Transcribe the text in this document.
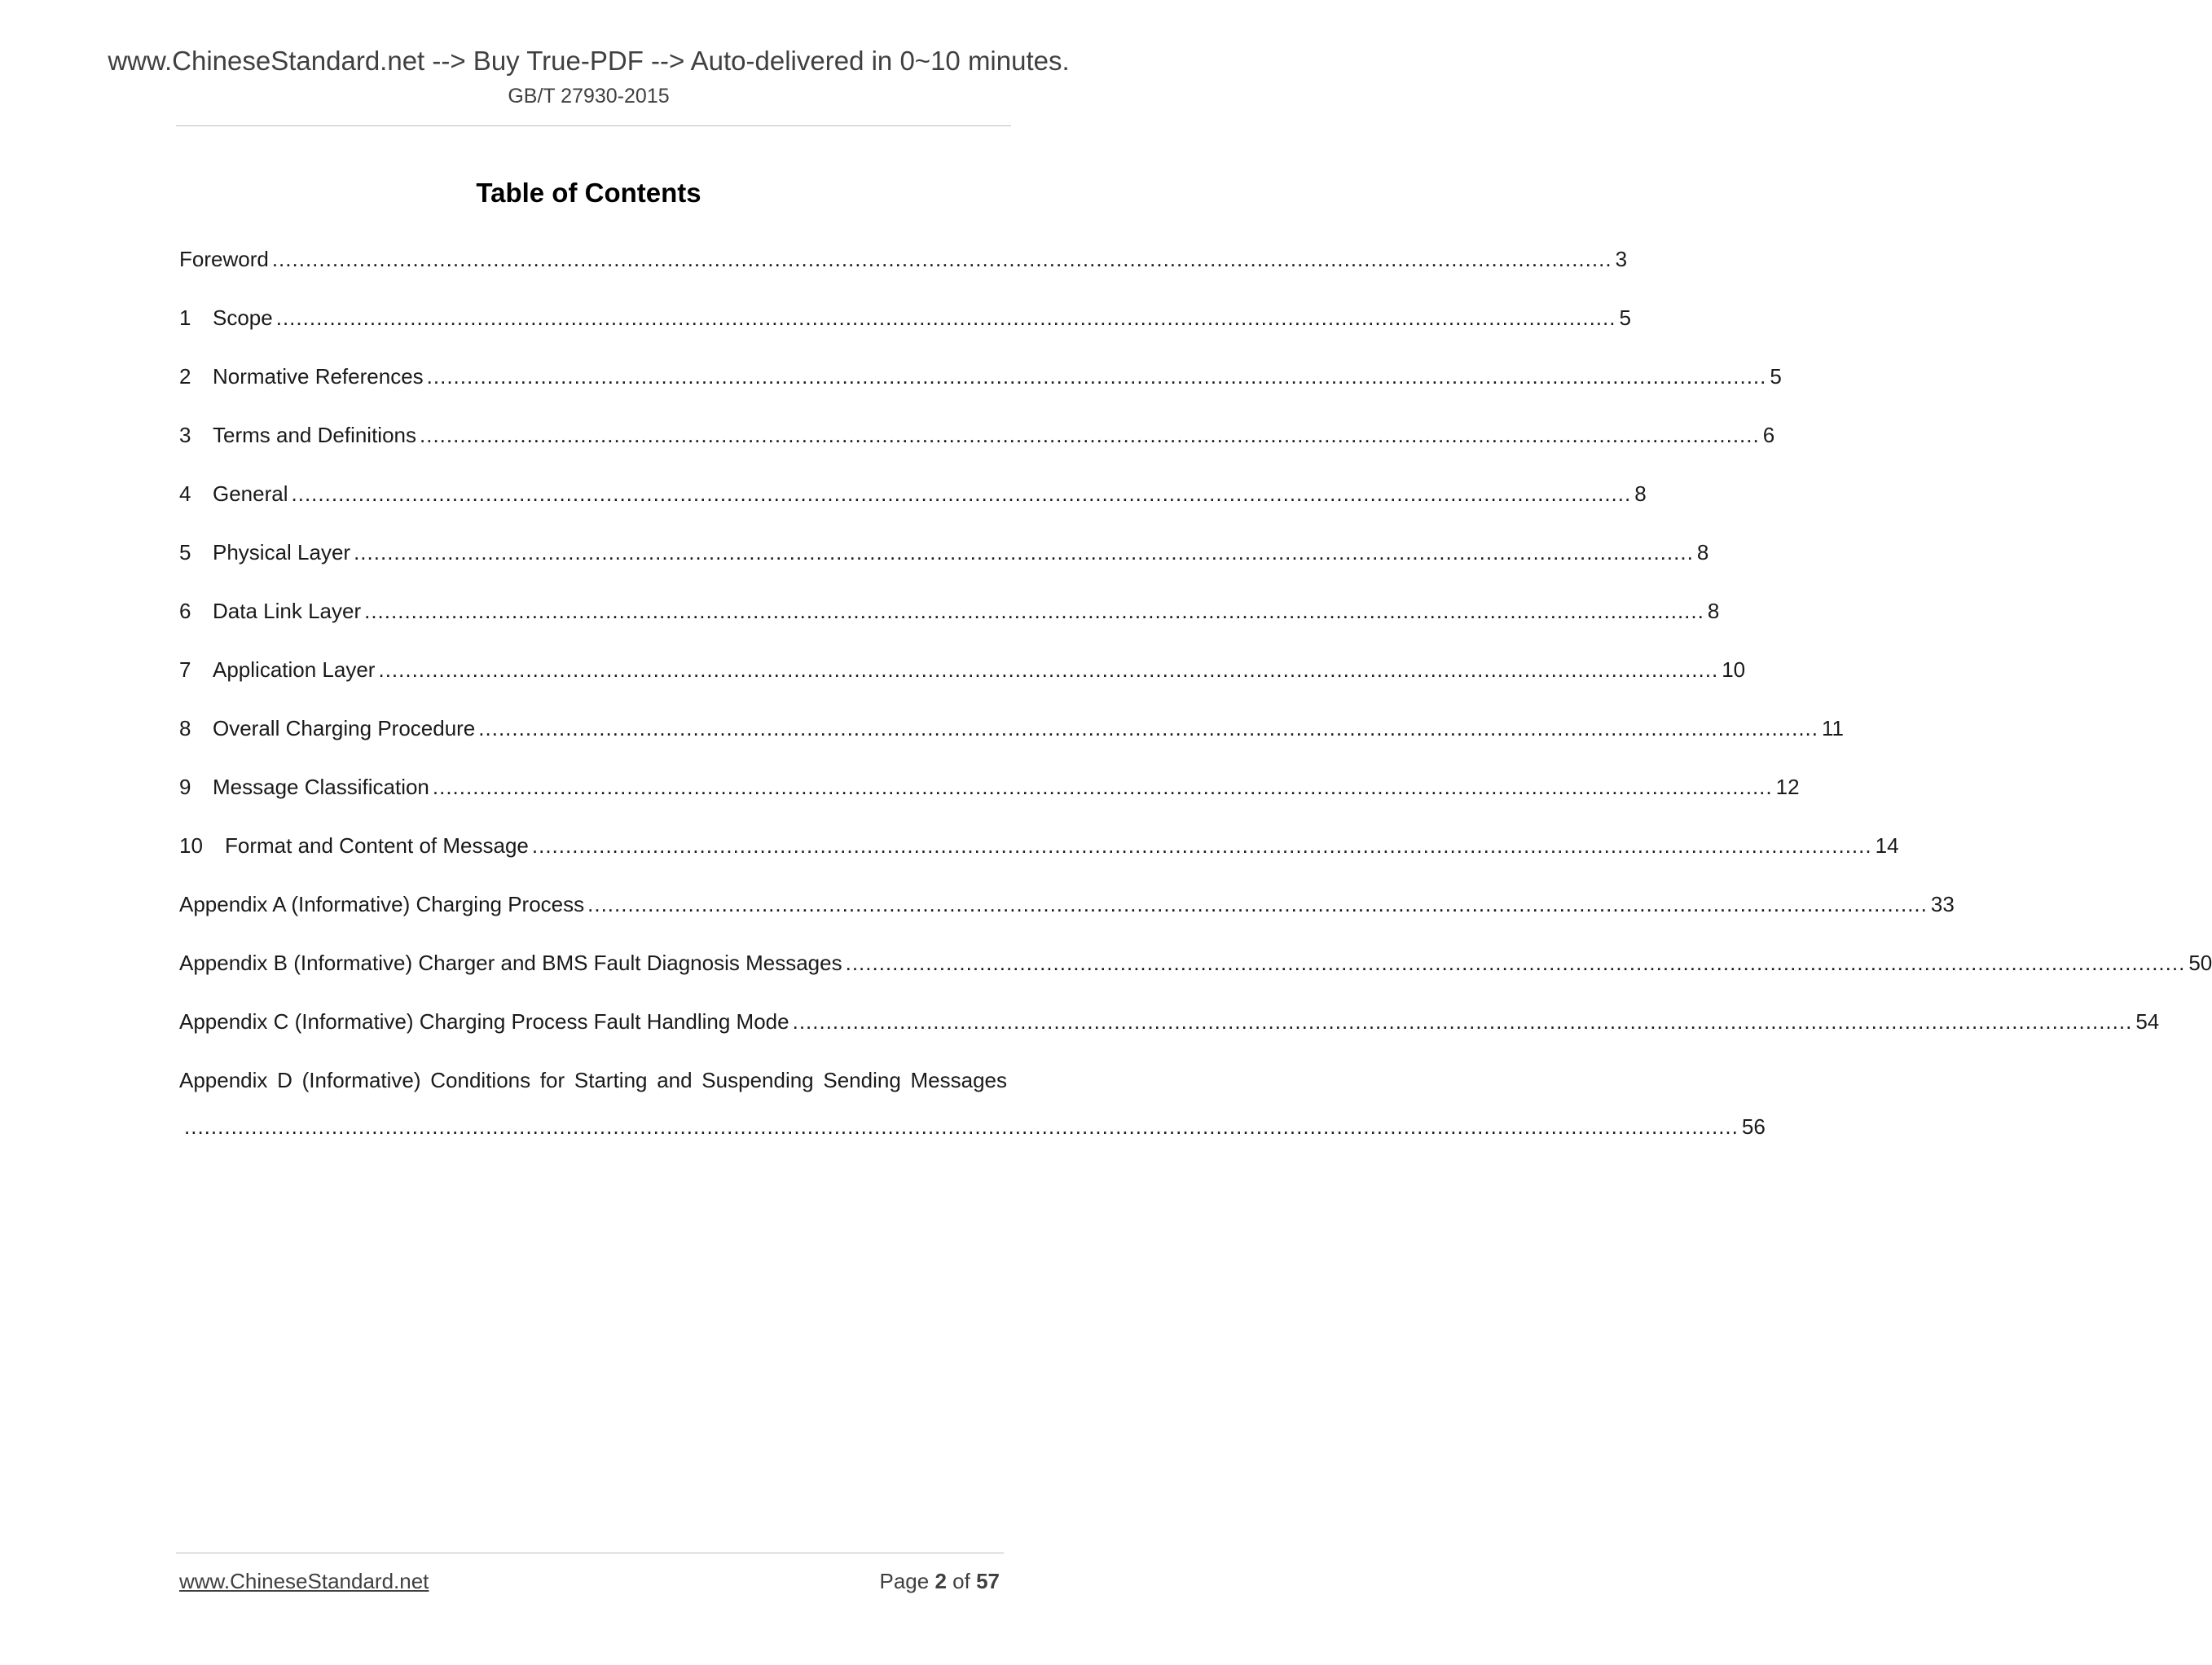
www.ChineseStandard.net --> Buy True-PDF --> Auto-delivered in 0~10 minutes.
GB/T 27930-2015
Table of Contents
Foreword ........................................................................................................................................................................................................ 3
1	Scope ........................................................................................................................................................................................................ 5
2	Normative References ........................................................................................................................................................................................................ 5
3	Terms and Definitions ........................................................................................................................................................................................................ 6
4	General ........................................................................................................................................................................................................ 8
5	Physical Layer ........................................................................................................................................................................................................ 8
6	Data Link Layer ........................................................................................................................................................................................................ 8
7	Application Layer ........................................................................................................................................................................................................ 10
8	Overall Charging Procedure ........................................................................................................................................................................................................ 11
9	Message Classification ........................................................................................................................................................................................................ 12
10	Format and Content of Message ........................................................................................................................................................................................................ 14
Appendix A (Informative) Charging Process ........................................................................................................................................................................................................ 33
Appendix B (Informative) Charger and BMS Fault Diagnosis Messages ........................................................................................................................................................................................................ 50
Appendix C (Informative) Charging Process Fault Handling Mode ........................................................................................................................................................................................................ 54
Appendix D (Informative) Conditions for Starting and Suspending Sending Messages
........................................................................................................................................................................................................................................ 56
www.ChineseStandard.net	Page 2 of 57
